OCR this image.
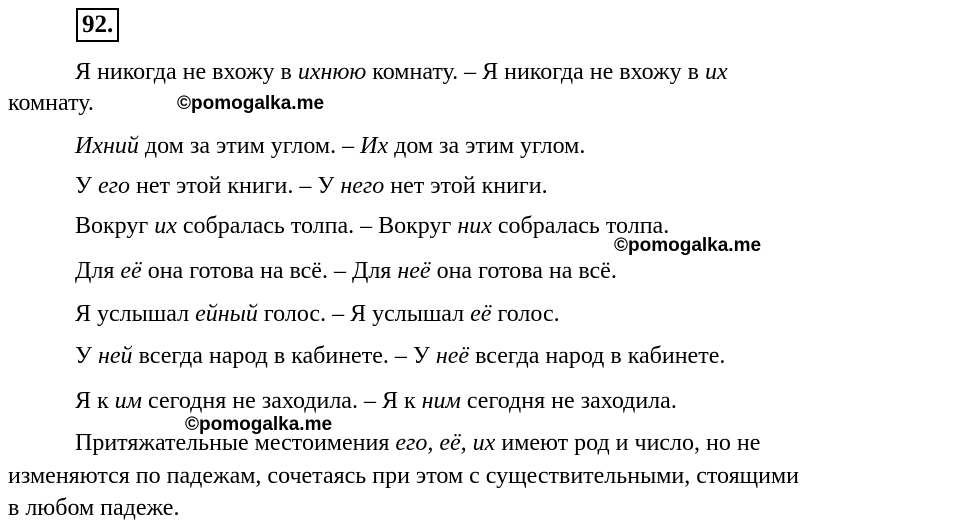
92.
Я никогда не вхожу в ихнюю комнату. – Я никогда не вхожу в их
комнату.
Ихний дом за этим углом. – Их дом за этим углом.
У его нет этой книги. – У него нет этой книги.
Вокруг их собралась толпа. – Вокруг них собралась толпа.
Для её она готова на всё. – Для неё она готова на всё.
Я услышал ейный голос. – Я услышал её голос.
У ней всегда народ в кабинете. – У неё всегда народ в кабинете.
Я к им сегодня не заходила. – Я к ним сегодня не заходила.
Притяжательные местоимения его, её, их имеют род и число, но не
изменяются по падежам, сочетаясь при этом с существительными, стоящими
в любом падеже.
©pomogalka.me
©pomogalka.me
©pomogalka.me
